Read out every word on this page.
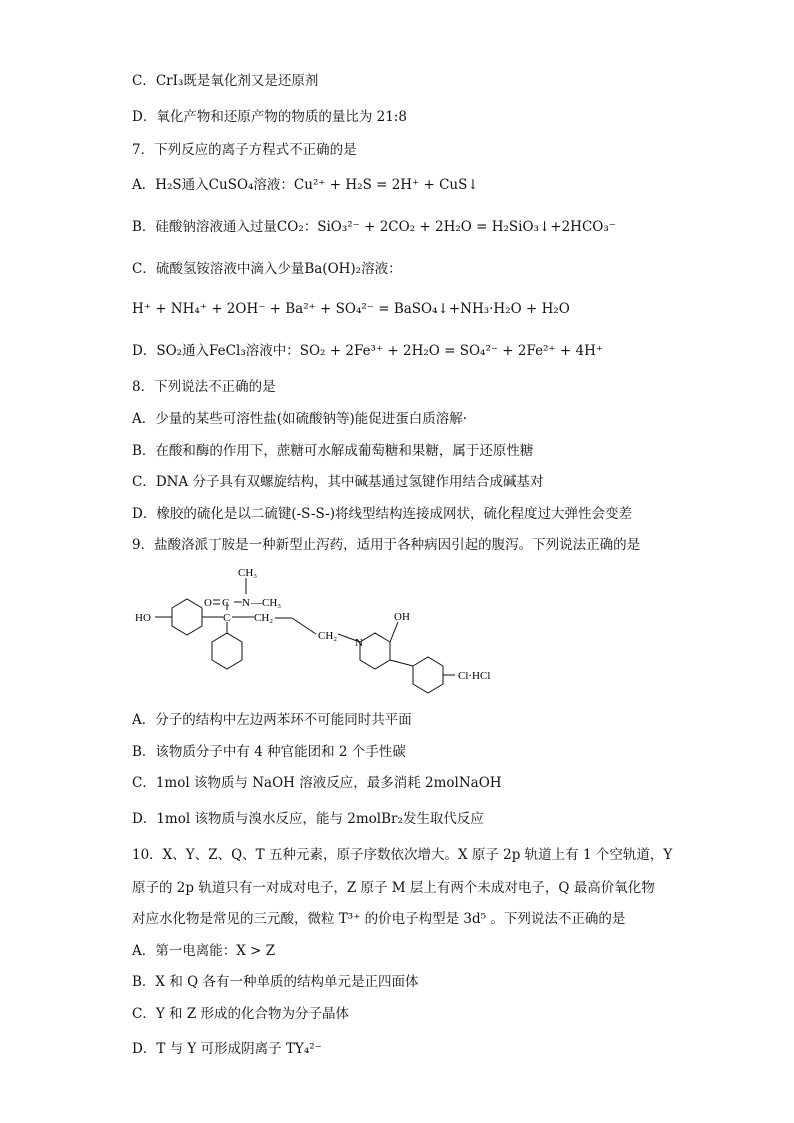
C．CrI₃既是氧化剂又是还原剂
D．氧化产物和还原产物的物质的量比为 21:8
7．下列反应的离子方程式不正确的是
A．H₂S通入CuSO₄溶液：Cu²⁺ + H₂S = 2H⁺ + CuS↓
B．硅酸钠溶液通入过量CO₂：SiO₃²⁻ + 2CO₂ + 2H₂O = H₂SiO₃↓+2HCO₃⁻
C．硫酸氢铵溶液中滴入少量Ba(OH)₂溶液：
H⁺ + NH₄⁺ + 2OH⁻ + Ba²⁺ + SO₄²⁻ = BaSO₄↓+NH₃·H₂O + H₂O
D．SO₂通入FeCl₃溶液中：SO₂ + 2Fe³⁺ + 2H₂O = SO₄²⁻ + 2Fe²⁺ + 4H⁺
8．下列说法不正确的是
A．少量的某些可溶性盐(如硫酸钠等)能促进蛋白质溶解·
B．在酸和酶的作用下，蔗糖可水解成葡萄糖和果糖，属于还原性糖
C．DNA 分子具有双螺旋结构，其中碱基通过氢键作用结合成碱基对
D．橡胶的硫化是以二硫键(-S-S-)将线型结构连接成网状，硫化程度过大弹性会变差
9．盐酸洛派丁胺是一种新型止泻药，适用于各种病因引起的腹泻。下列说法正确的是
CH₃
O C N —CH₃
HO	C CH₂
CH₂
N
OH
Cl·HCl
A．分子的结构中左边两苯环不可能同时共平面
B．该物质分子中有 4 种官能团和 2 个手性碳
C．1mol 该物质与 NaOH 溶液反应，最多消耗 2molNaOH
D．1mol 该物质与溴水反应，能与 2molBr₂发生取代反应
10．X、Y、Z、Q、T 五种元素，原子序数依次增大。X 原子 2p 轨道上有 1 个空轨道，Y
原子的 2p 轨道只有一对成对电子，Z 原子 M 层上有两个未成对电子，Q 最高价氧化物
对应水化物是常见的三元酸，微粒 T³⁺ 的价电子构型是 3d⁵ 。下列说法不正确的是
A．第一电离能：X > Z
B．X 和 Q 各有一种单质的结构单元是正四面体
C．Y 和 Z 形成的化合物为分子晶体
D．T 与 Y 可形成阴离子 TY₄²⁻
